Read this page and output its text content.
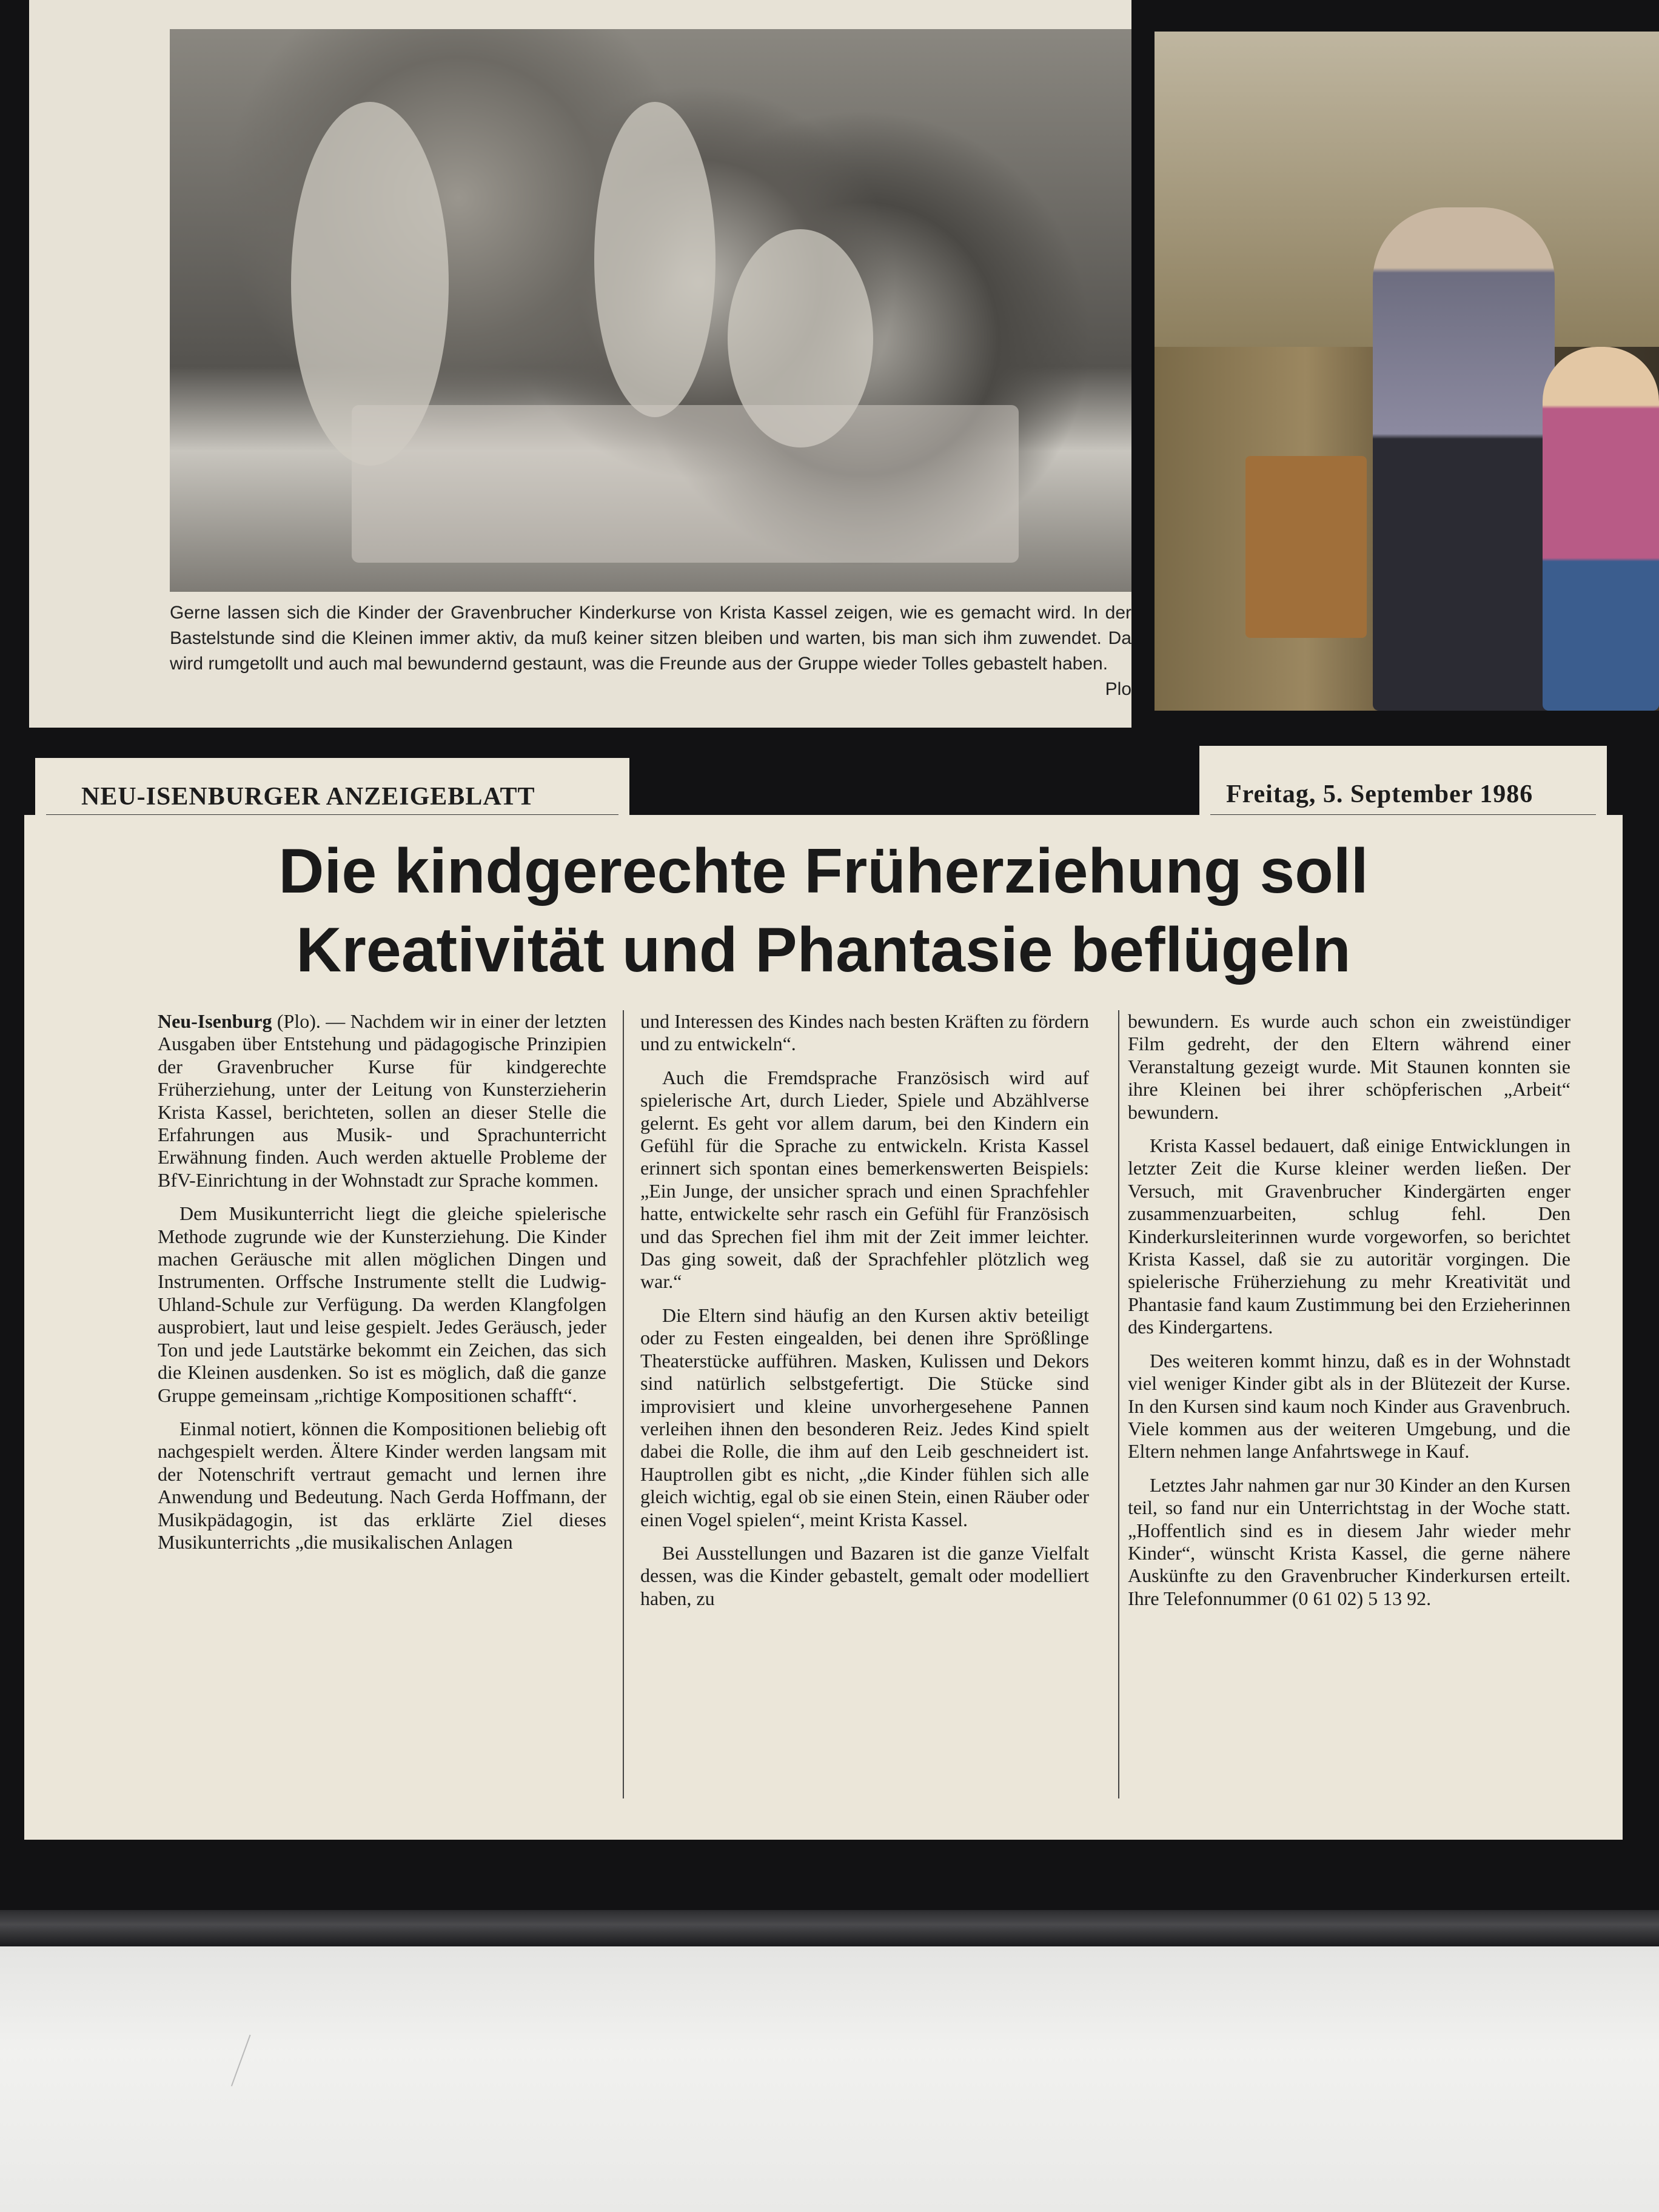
Gerne lassen sich die Kinder der Gravenbrucher Kinderkurse von Krista Kassel zeigen, wie es gemacht wird. In der Bastelstunde sind die Kleinen immer aktiv, da muß keiner sitzen bleiben und warten, bis man sich ihm zuwendet. Da wird rumgetollt und auch mal bewundernd gestaunt, was die Freunde aus der Gruppe wieder Tolles gebastelt haben.
Plo
NEU-ISENBURGER ANZEIGEBLATT	Freitag, 5. September 1986
Die kindgerechte Früherziehung soll
Kreativität und Phantasie beflügeln

Neu-Isenburg (Plo). — Nachdem wir in einer der letzten Ausgaben über Entstehung und pädagogische Prinzipien der Gravenbrucher Kurse für kindgerechte Früherziehung, unter der Leitung von Kunsterzieherin Krista Kassel, berichteten, sollen an dieser Stelle die Erfahrungen aus Musik- und Sprachunterricht Erwähnung finden. Auch werden aktuelle Probleme der BfV-Einrichtung in der Wohnstadt zur Sprache kommen.

Dem Musikunterricht liegt die gleiche spielerische Methode zugrunde wie der Kunsterziehung. Die Kinder machen Geräusche mit allen möglichen Dingen und Instrumenten. Orffsche Instrumente stellt die Ludwig-Uhland-Schule zur Verfügung. Da werden Klangfolgen ausprobiert, laut und leise gespielt. Jedes Geräusch, jeder Ton und jede Lautstärke bekommt ein Zeichen, das sich die Kleinen ausdenken. So ist es möglich, daß die ganze Gruppe gemeinsam „richtige Kompositionen schafft“.

Einmal notiert, können die Kompositionen beliebig oft nachgespielt werden. Ältere Kinder werden langsam mit der Notenschrift vertraut gemacht und lernen ihre Anwendung und Bedeutung. Nach Gerda Hoffmann, der Musikpädagogin, ist das erklärte Ziel dieses Musikunterrichts „die musikalischen Anlagen

und Interessen des Kindes nach besten Kräften zu fördern und zu entwickeln“.

Auch die Fremdsprache Französisch wird auf spielerische Art, durch Lieder, Spiele und Abzählverse gelernt. Es geht vor allem darum, bei den Kindern ein Gefühl für die Sprache zu entwickeln. Krista Kassel erinnert sich spontan eines bemerkenswerten Beispiels: „Ein Junge, der unsicher sprach und einen Sprachfehler hatte, entwickelte sehr rasch ein Gefühl für Französisch und das Sprechen fiel ihm mit der Zeit immer leichter. Das ging soweit, daß der Sprachfehler plötzlich weg war.“

Die Eltern sind häufig an den Kursen aktiv beteiligt oder zu Festen eingealden, bei denen ihre Sprößlinge Theaterstücke aufführen. Masken, Kulissen und Dekors sind natürlich selbstgefertigt. Die Stücke sind improvisiert und kleine unvorhergesehene Pannen verleihen ihnen den besonderen Reiz. Jedes Kind spielt dabei die Rolle, die ihm auf den Leib geschneidert ist. Hauptrollen gibt es nicht, „die Kinder fühlen sich alle gleich wichtig, egal ob sie einen Stein, einen Räuber oder einen Vogel spielen“, meint Krista Kassel.

Bei Ausstellungen und Bazaren ist die ganze Vielfalt dessen, was die Kinder gebastelt, gemalt oder modelliert haben, zu

bewundern. Es wurde auch schon ein zweistündiger Film gedreht, der den Eltern während einer Veranstaltung gezeigt wurde. Mit Staunen konnten sie ihre Kleinen bei ihrer schöpferischen „Arbeit“ bewundern.

Krista Kassel bedauert, daß einige Entwicklungen in letzter Zeit die Kurse kleiner werden ließen. Der Versuch, mit Gravenbrucher Kindergärten enger zusammenzuarbeiten, schlug fehl. Den Kinderkursleiterinnen wurde vorgeworfen, so berichtet Krista Kassel, daß sie zu autoritär vorgingen. Die spielerische Früherziehung zu mehr Kreativität und Phantasie fand kaum Zustimmung bei den Erzieherinnen des Kindergartens.

Des weiteren kommt hinzu, daß es in der Wohnstadt viel weniger Kinder gibt als in der Blütezeit der Kurse. In den Kursen sind kaum noch Kinder aus Gravenbruch. Viele kommen aus der weiteren Umgebung, und die Eltern nehmen lange Anfahrtswege in Kauf.

Letztes Jahr nahmen gar nur 30 Kinder an den Kursen teil, so fand nur ein Unterrichtstag in der Woche statt. „Hoffentlich sind es in diesem Jahr wieder mehr Kinder“, wünscht Krista Kassel, die gerne nähere Auskünfte zu den Gravenbrucher Kinderkursen erteilt. Ihre Telefonnummer (0 61 02) 5 13 92.
